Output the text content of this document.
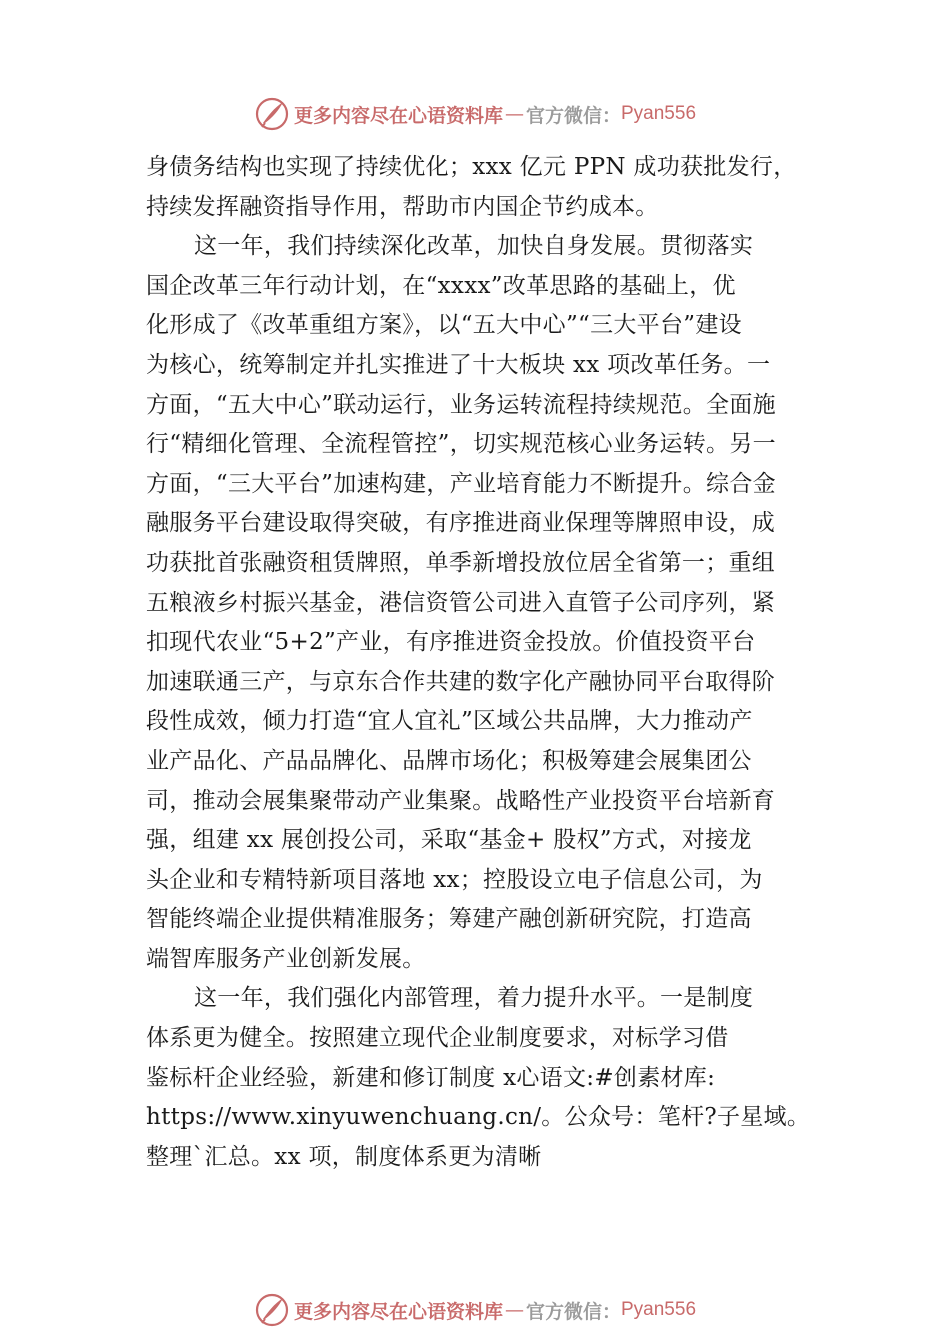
更多内容尽在心语资料库 — 官方微信： Pyan556
身债务结构也实现了持续优化；xxx 亿元 PPN 成功获批发行，
持续发挥融资指导作用，帮助市内国企节约成本。
这一年，我们持续深化改革，加快自身发展。贯彻落实
国企改革三年行动计划，在“xxxx”改革思路的基础上，优
化形成了《改革重组方案》，以“五大中心”“三大平台”建设
为核心，统筹制定并扎实推进了十大板块 xx 项改革任务。一
方面，“五大中心”联动运行，业务运转流程持续规范。全面施
行“精细化管理、全流程管控”，切实规范核心业务运转。另一
方面，“三大平台”加速构建，产业培育能力不断提升。综合金
融服务平台建设取得突破，有序推进商业保理等牌照申设，成
功获批首张融资租赁牌照，单季新增投放位居全省第一；重组
五粮液乡村振兴基金，港信资管公司进入直管子公司序列，紧
扣现代农业“5+2”产业，有序推进资金投放。价值投资平台
加速联通三产，与京东合作共建的数字化产融协同平台取得阶
段性成效，倾力打造“宜人宜礼”区域公共品牌，大力推动产
业产品化、产品品牌化、品牌市场化；积极筹建会展集团公
司，推动会展集聚带动产业集聚。战略性产业投资平台培新育
强，组建 xx 展创投公司，采取“基金+ 股权”方式，对接龙
头企业和专精特新项目落地 xx；控股设立电子信息公司，为
智能终端企业提供精准服务；筹建产融创新研究院，打造高
端智库服务产业创新发展。
这一年，我们强化内部管理，着力提升水平。一是制度
体系更为健全。按照建立现代企业制度要求，对标学习借
鉴标杆企业经验，新建和修订制度 x心语文:#创素材库:
https://www.xinyuwenchuang.cn/。公众号：笔杆?子星域。
整理`汇总。xx 项，制度体系更为清晰
更多内容尽在心语资料库 — 官方微信： Pyan556
